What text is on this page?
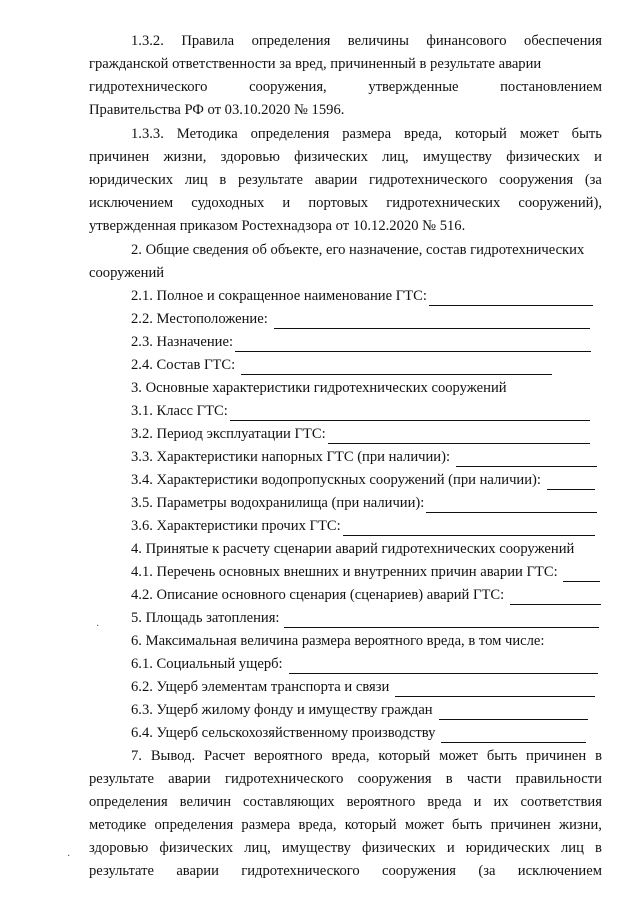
1.3.2. Правила определения величины финансового обеспечения
гражданской ответственности за вред, причиненный в результате аварии
гидротехнического	сооружения,	утвержденные	постановлением
Правительства РФ от 03.10.2020 № 1596.
1.3.3. Методика определения размера вреда, который может быть
причинен жизни, здоровью физических лиц, имуществу физических и
юридических лиц в результате аварии гидротехнического сооружения (за
исключением судоходных и портовых гидротехнических сооружений),
утвержденная приказом Ростехнадзора от 10.12.2020 № 516.
2. Общие сведения об объекте, его назначение, состав гидротехнических
сооружений
2.1. Полное и сокращенное наименование ГТС:
2.2. Местоположение:
2.3. Назначение:
2.4. Состав ГТС:
3. Основные характеристики гидротехнических сооружений
3.1. Класс ГТС:
3.2. Период эксплуатации ГТС:
3.3. Характеристики напорных ГТС (при наличии):
3.4. Характеристики водопропускных сооружений (при наличии):
3.5. Параметры водохранилища (при наличии):
3.6. Характеристики прочих ГТС:
4. Принятые к расчету сценарии аварий гидротехнических сооружений
4.1. Перечень основных внешних и внутренних причин аварии ГТС:
4.2. Описание основного сценария (сценариев) аварий ГТС:
5. Площадь затопления:
6. Максимальная величина размера вероятного вреда, в том числе:
6.1. Социальный ущерб:
6.2. Ущерб элементам транспорта и связи
6.3. Ущерб жилому фонду и имуществу граждан
6.4. Ущерб сельскохозяйственному производству
7. Вывод. Расчет вероятного вреда, который может быть причинен в
результате аварии гидротехнического сооружения в части правильности
определения величин составляющих вероятного вреда и их соответствия
методике определения размера вреда, который может быть причинен жизни,
здоровью физических лиц, имуществу физических и юридических лиц в
результате аварии гидротехнического сооружения (за исключением
·
·
